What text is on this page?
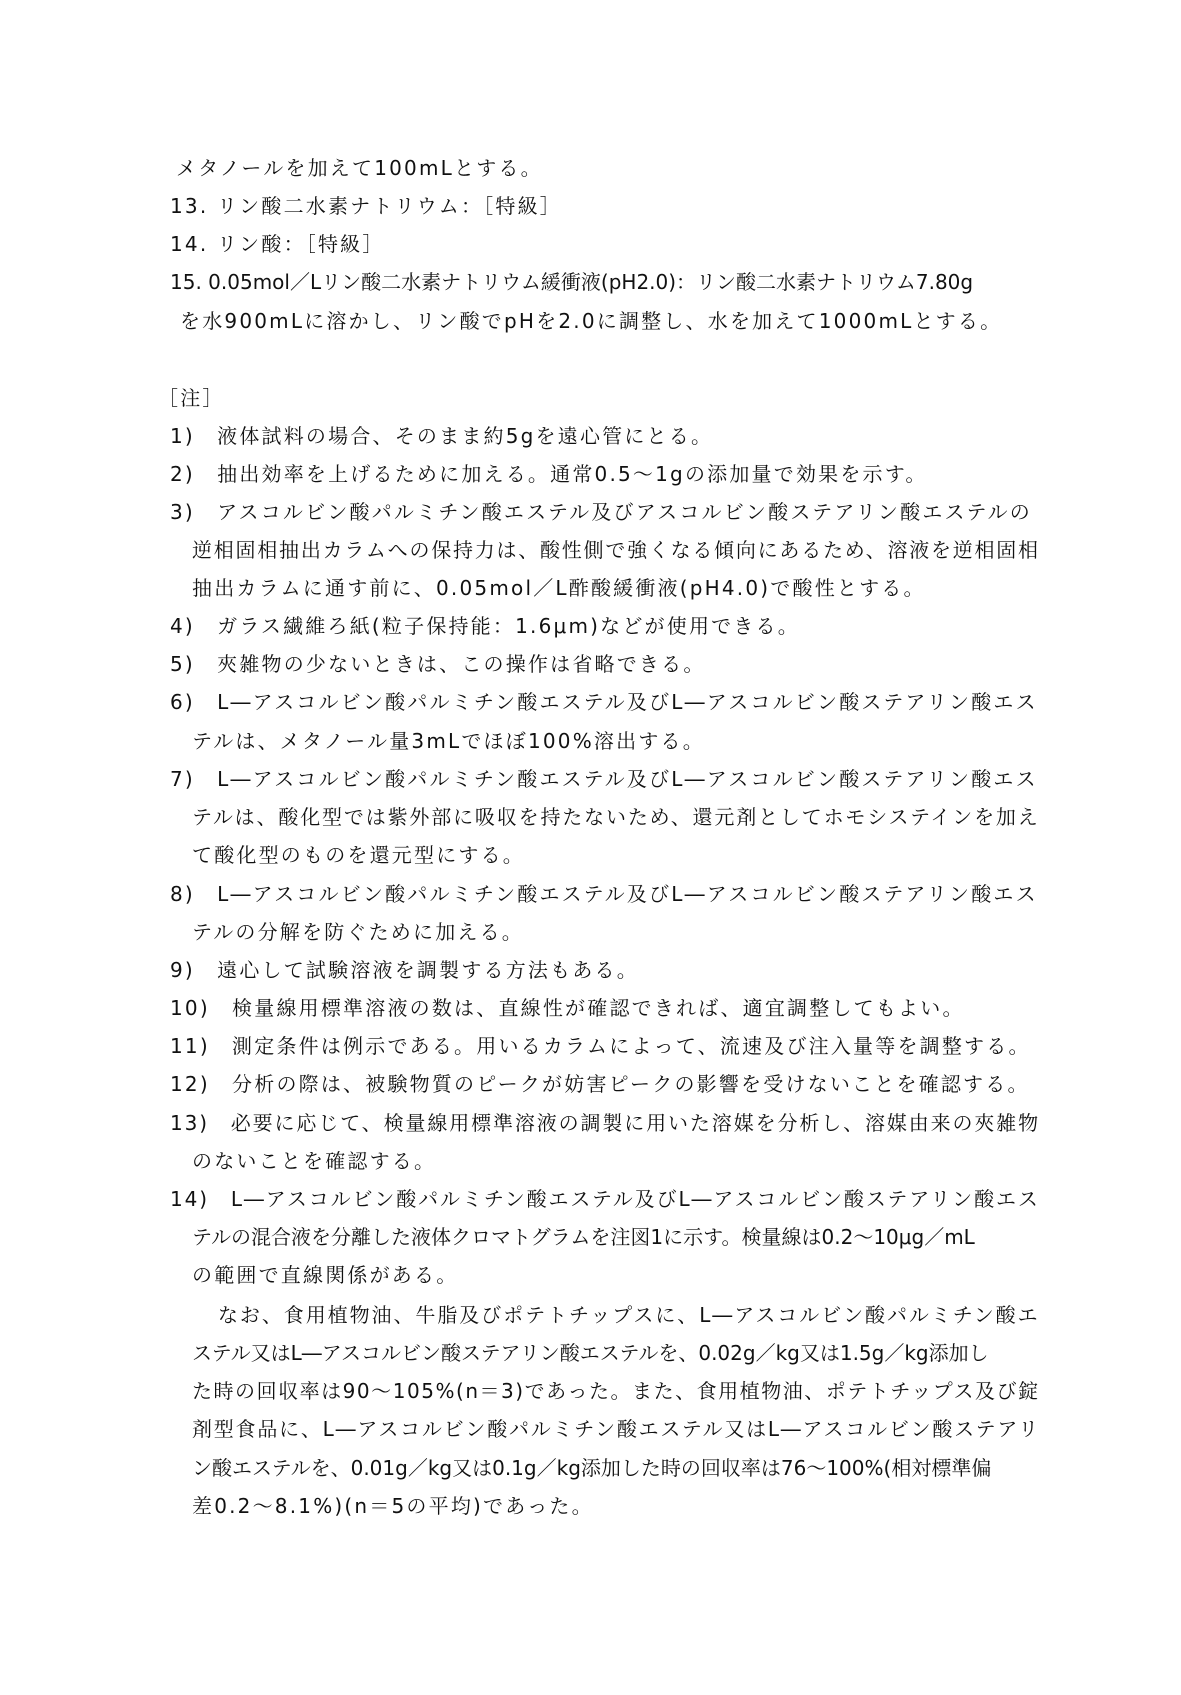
メタノールを加えて100mLとする。
13. リン酸二水素ナトリウム：［特級］
14. リン酸：［特級］
15. 0.05mol／Lリン酸二水素ナトリウム緩衝液(pH2.0)：リン酸二水素ナトリウム7.80g
を水900mLに溶かし、リン酸でpHを2.0に調整し、水を加えて1000mLとする。
［注］
1)　液体試料の場合、そのまま約5gを遠心管にとる。
2)　抽出効率を上げるために加える。通常0.5～1gの添加量で効果を示す。
3)　アスコルビン酸パルミチン酸エステル及びアスコルビン酸ステアリン酸エステルの
逆相固相抽出カラムへの保持力は、酸性側で強くなる傾向にあるため、溶液を逆相固相
抽出カラムに通す前に、0.05mol／L酢酸緩衝液(pH4.0)で酸性とする。
4)　ガラス繊維ろ紙(粒子保持能：1.6μm)などが使用できる。
5)　夾雑物の少ないときは、この操作は省略できる。
6)　L―アスコルビン酸パルミチン酸エステル及びL―アスコルビン酸ステアリン酸エス
テルは、メタノール量3mLでほぼ100%溶出する。
7)　L―アスコルビン酸パルミチン酸エステル及びL―アスコルビン酸ステアリン酸エス
テルは、酸化型では紫外部に吸収を持たないため、還元剤としてホモシステインを加え
て酸化型のものを還元型にする。
8)　L―アスコルビン酸パルミチン酸エステル及びL―アスコルビン酸ステアリン酸エス
テルの分解を防ぐために加える。
9)　遠心して試験溶液を調製する方法もある。
10)　検量線用標準溶液の数は、直線性が確認できれば、適宜調整してもよい。
11)　測定条件は例示である。用いるカラムによって、流速及び注入量等を調整する。
12)　分析の際は、被験物質のピークが妨害ピークの影響を受けないことを確認する。
13)　必要に応じて、検量線用標準溶液の調製に用いた溶媒を分析し、溶媒由来の夾雑物
のないことを確認する。
14)　L―アスコルビン酸パルミチン酸エステル及びL―アスコルビン酸ステアリン酸エス
テルの混合液を分離した液体クロマトグラムを注図1に示す。検量線は0.2～10μg／mL
の範囲で直線関係がある。
なお、食用植物油、牛脂及びポテトチップスに、L―アスコルビン酸パルミチン酸エ
ステル又はL―アスコルビン酸ステアリン酸エステルを、0.02g／kg又は1.5g／kg添加し
た時の回収率は90～105%(n＝3)であった。また、食用植物油、ポテトチップス及び錠
剤型食品に、L―アスコルビン酸パルミチン酸エステル又はL―アスコルビン酸ステアリ
ン酸エステルを、0.01g／kg又は0.1g／kg添加した時の回収率は76～100%(相対標準偏
差0.2～8.1%)(n＝5の平均)であった。
